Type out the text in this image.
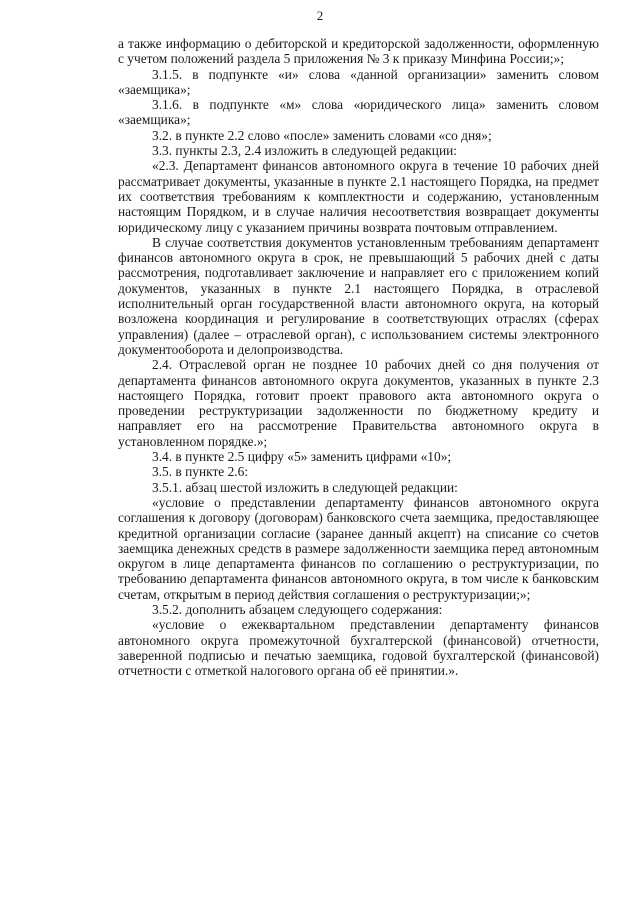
2

а также информацию о дебиторской и кредиторской задолженности, оформленную с учетом положений раздела 5 приложения № 3 к приказу Минфина России;»;

3.1.5. в подпункте «и» слова «данной организации» заменить словом «заемщика»;

3.1.6. в подпункте «м» слова «юридического лица» заменить словом «заемщика»;

3.2. в пункте 2.2 слово «после» заменить словами «со дня»;

3.3. пункты 2.3, 2.4 изложить в следующей редакции:

«2.3. Департамент финансов автономного округа в течение 10 рабочих дней рассматривает документы, указанные в пункте 2.1 настоящего Порядка, на предмет их соответствия требованиям к комплектности и содержанию, установленным настоящим Порядком, и в случае наличия несоответствия возвращает документы юридическому лицу с указанием причины возврата почтовым отправлением.

В случае соответствия документов установленным требованиям департамент финансов автономного округа в срок, не превышающий 5 рабочих дней с даты рассмотрения, подготавливает заключение и направляет его с приложением копий документов, указанных в пункте 2.1 настоящего Порядка, в отраслевой исполнительный орган государственной власти автономного округа, на который возложена координация и регулирование в соответствующих отраслях (сферах управления) (далее – отраслевой орган), с использованием системы электронного документооборота и делопроизводства.

2.4. Отраслевой орган не позднее 10 рабочих дней со дня получения от департамента финансов автономного округа документов, указанных в пункте 2.3 настоящего Порядка, готовит проект правового акта автономного округа о проведении реструктуризации задолженности по бюджетному кредиту и направляет его на рассмотрение Правительства автономного округа в установленном порядке.»;

3.4. в пункте 2.5 цифру «5» заменить цифрами «10»;

3.5. в пункте 2.6:

3.5.1. абзац шестой изложить в следующей редакции:

«условие о представлении департаменту финансов автономного округа соглашения к договору (договорам) банковского счета заемщика, предоставляющее кредитной организации согласие (заранее данный акцепт) на списание со счетов заемщика денежных средств в размере задолженности заемщика перед автономным округом в лице департамента финансов по соглашению о реструктуризации, по требованию департамента финансов автономного округа, в том числе к банковским счетам, открытым в период действия соглашения о реструктуризации;»;

3.5.2. дополнить абзацем следующего содержания:

«условие о ежеквартальном представлении департаменту финансов автономного округа промежуточной бухгалтерской (финансовой) отчетности, заверенной подписью и печатью заемщика, годовой бухгалтерской (финансовой) отчетности с отметкой налогового органа об её принятии.».
